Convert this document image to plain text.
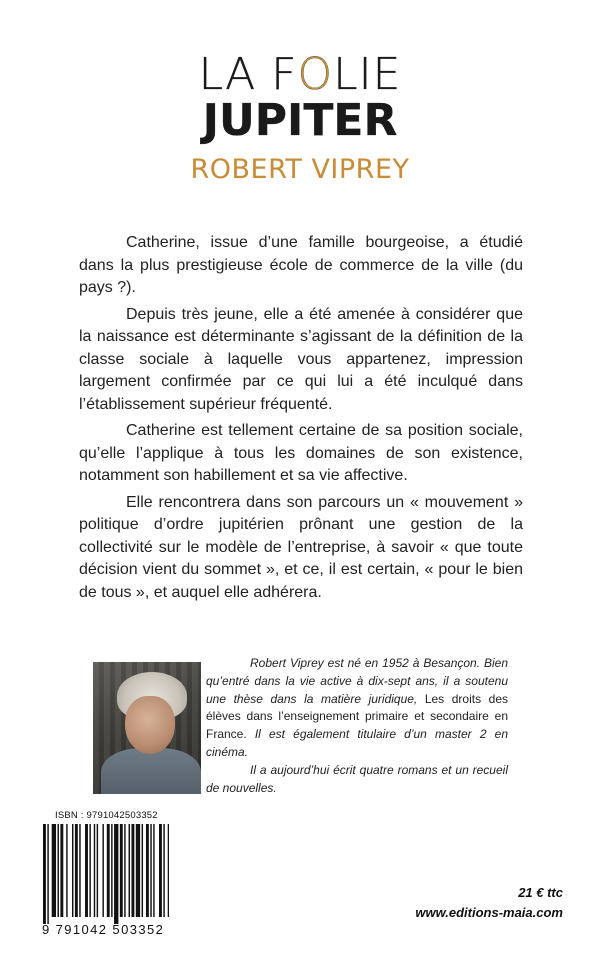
LA FOLIE
JUPITER
ROBERT VIPREY

Catherine, issue d’une famille bourgeoise, a étudié dans la plus prestigieuse école de commerce de la ville (du pays ?).

Depuis très jeune, elle a été amenée à considérer que la naissance est déterminante s’agissant de la définition de la classe sociale à laquelle vous appartenez, impression largement confirmée par ce qui lui a été inculqué dans l’établissement supérieur fréquenté.

Catherine est tellement certaine de sa position sociale, qu’elle l’applique à tous les domaines de son existence, notamment son habillement et sa vie affective.

Elle rencontrera dans son parcours un « mouvement » politique d’ordre jupitérien prônant une gestion de la collectivité sur le modèle de l’entreprise, à savoir « que toute décision vient du sommet », et ce, il est certain, « pour le bien de tous », et auquel elle adhérera.

Robert Viprey est né en 1952 à Besançon. Bien qu’entré dans la vie active à dix-sept ans, il a soutenu une thèse dans la matière juridique, Les droits des élèves dans l’enseignement primaire et secondaire en France. Il est également titulaire d’un master 2 en cinéma.

Il a aujourd’hui écrit quatre romans et un recueil de nouvelles.

ISBN : 9791042503352
9 791042 503352
21 € ttc
www.editions-maia.com
